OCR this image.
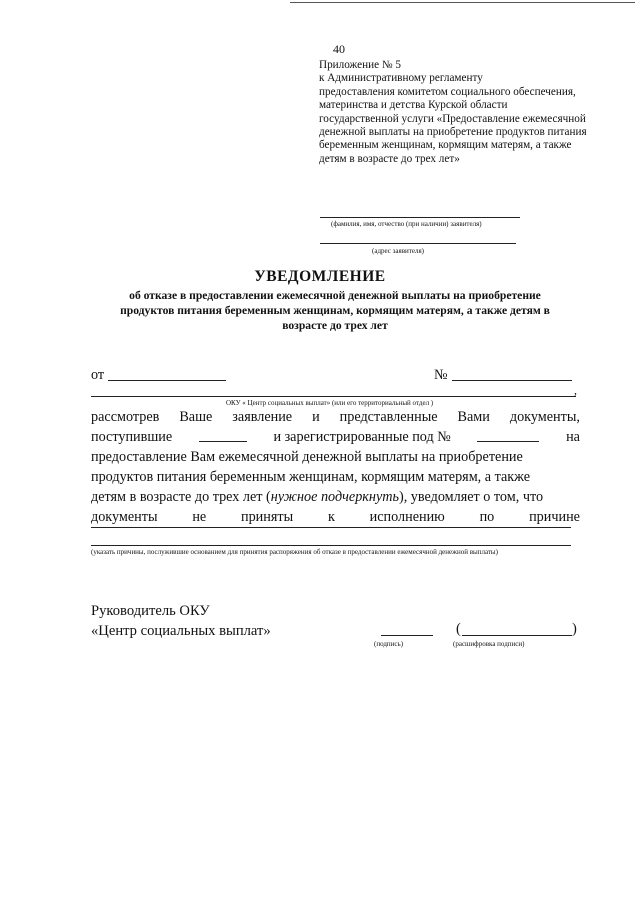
40
Приложение № 5
к Административному регламенту
предоставления комитетом социального обеспечения,
материнства и детства Курской области
государственной услуги «Предоставление ежемесячной
денежной выплаты на приобретение продуктов питания
беременным женщинам, кормящим матерям, а также
детям в возрасте до трех лет»
(фамилия, имя, отчество (при наличии) заявителя)
(адрес заявителя)
УВЕДОМЛЕНИЕ
об отказе в предоставлении ежемесячной денежной выплаты на приобретение
продуктов питания беременным женщинам, кормящим матерям, а также детям в
возрасте до трех лет
от	№
,
ОКУ « Центр социальных выплат» (или его территориальный отдел )
рассмотрев Ваше заявление и представленные Вами документы,
поступившие	и зарегистрированные под №	на
предоставление Вам ежемесячной денежной выплаты на приобретение
продуктов питания беременным женщинам, кормящим матерям, а также
детям в возрасте до трех лет (нужное подчеркнуть), уведомляет о том, что
документы не приняты к исполнению по причине
(указать причины, послужившие основанием для принятия распоряжения об отказе в предоставлении ежемесячной денежной выплаты)
Руководитель ОКУ
«Центр социальных выплат»
(подпись)
(	)
(расшифровка подписи)
